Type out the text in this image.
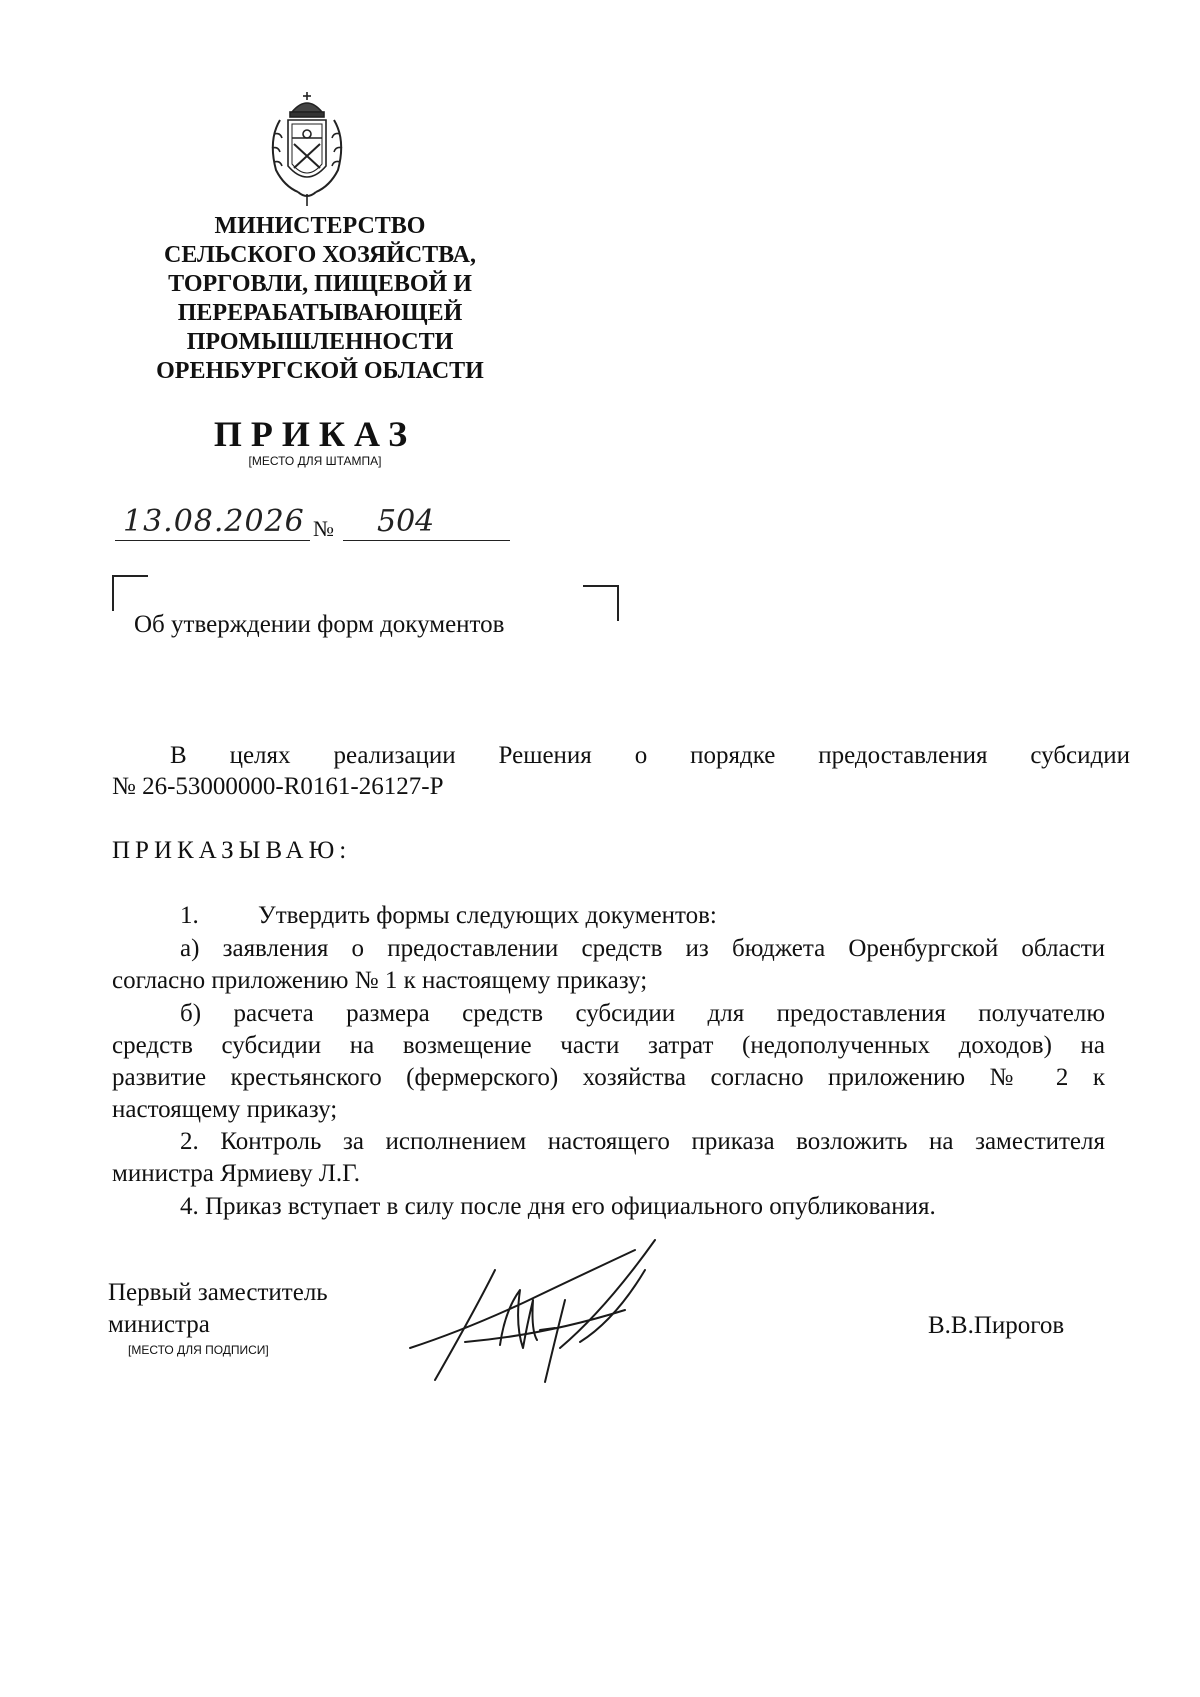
МИНИСТЕРСТВО
СЕЛЬСКОГО ХОЗЯЙСТВА,
ТОРГОВЛИ, ПИЩЕВОЙ И
ПЕРЕРАБАТЫВАЮЩЕЙ
ПРОМЫШЛЕННОСТИ
ОРЕНБУРГСКОЙ ОБЛАСТИ
ПРИКАЗ
[МЕСТО ДЛЯ ШТАМПА]
13.08.2026 № 504
Об утверждении форм документов
В целях реализации Решения о порядке предоставления субсидии
№ 26-53000000-R0161-26127-Р
ПРИКАЗЫВАЮ:
1. Утвердить формы следующих документов:
а) заявления о предоставлении средств из бюджета Оренбургской области
согласно приложению № 1 к настоящему приказу;
б) расчета размера средств субсидии для предоставления получателю
средств субсидии на возмещение части затрат (недополученных доходов) на
развитие крестьянского (фермерского) хозяйства согласно приложению № 2 к
настоящему приказу;
2. Контроль за исполнением настоящего приказа возложить на заместителя
министра Ярмиеву Л.Г.
4. Приказ вступает в силу после дня его официального опубликования.
Первый заместитель
министра
[МЕСТО ДЛЯ ПОДПИСИ]
В.В.Пирогов
